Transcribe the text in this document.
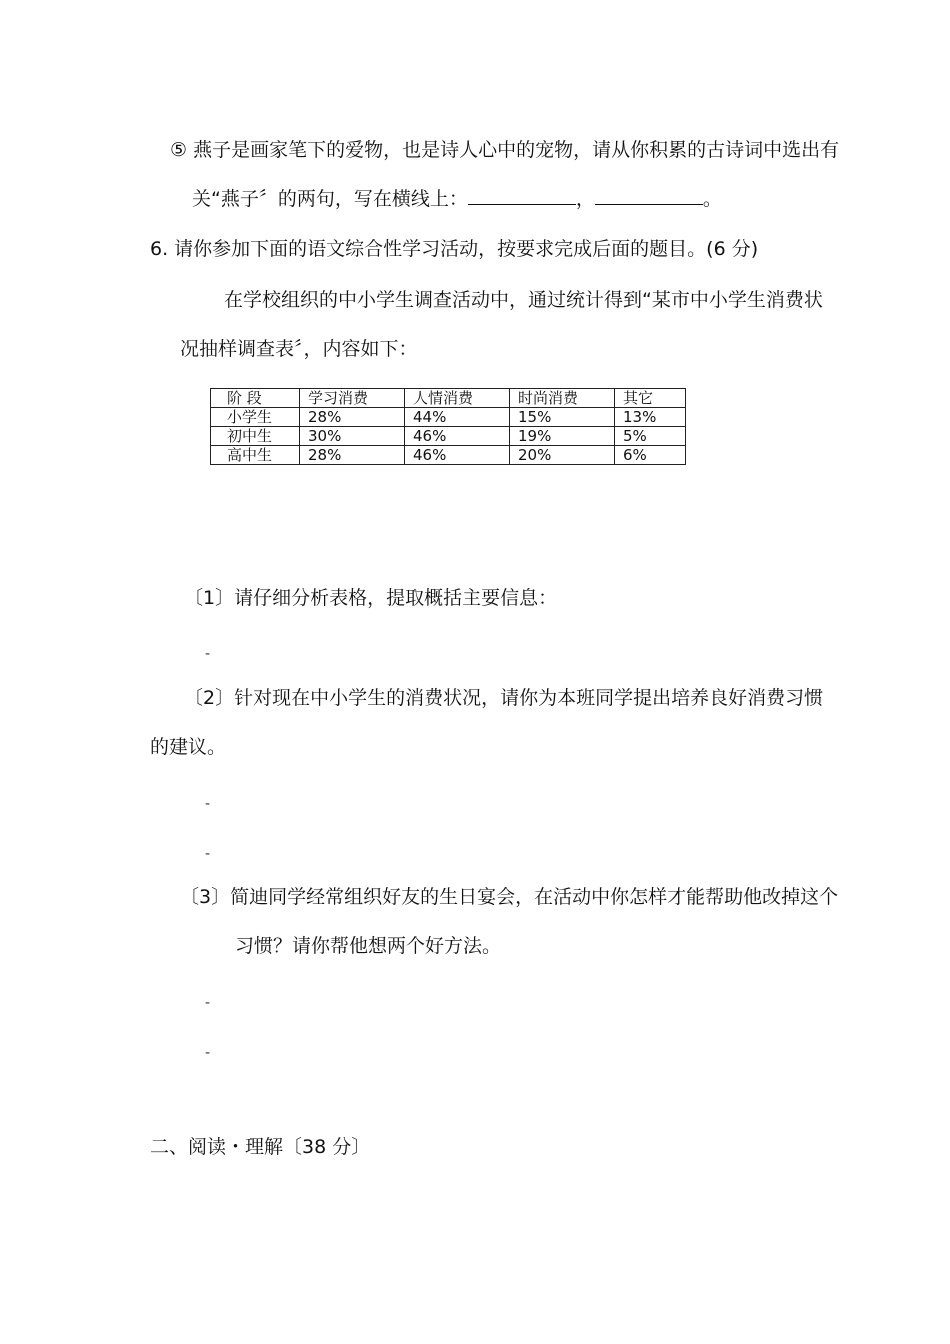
⑤ 燕子是画家笔下的爱物，也是诗人心中的宠物，请从你积累的古诗词中选出有
关“燕子〞的两句，写在横线上：	，	。
6. 请你参加下面的语文综合性学习活动，按要求完成后面的题目。(6 分)
在学校组织的中小学生调查活动中，通过统计得到“某市中小学生消费状
况抽样调查表〞，内容如下：
阶 段	学习消费	人情消费	时尚消费	其它
小学生	28%	44%	15%	13%
初中生	30%	46%	19%	5%
高中生	28%	46%	20%	6%
〔1〕请仔细分析表格，提取概括主要信息：
-
〔2〕针对现在中小学生的消费状况，请你为本班同学提出培养良好消费习惯
的建议。
-
-
〔3〕简迪同学经常组织好友的生日宴会，在活动中你怎样才能帮助他改掉这个
习惯？请你帮他想两个好方法。
-
-
二、阅读・理解〔38 分〕
